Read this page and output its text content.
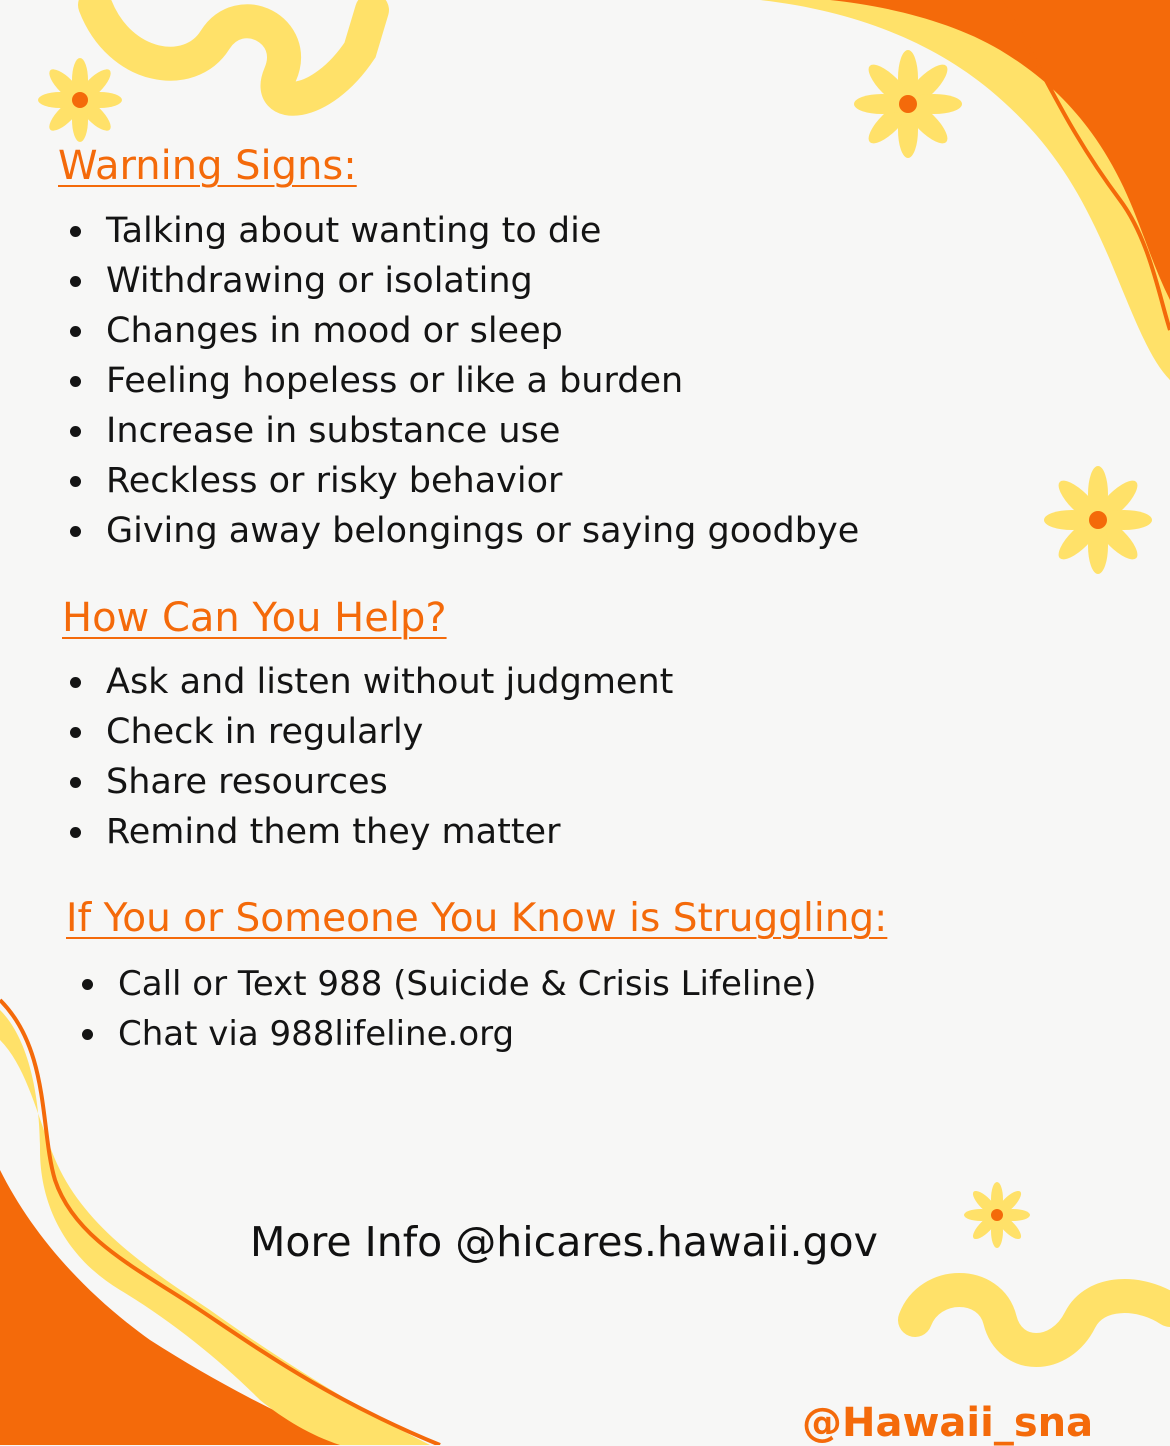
Warning Signs:
Talking about wanting to die
Withdrawing or isolating
Changes in mood or sleep
Feeling hopeless or like a burden
Increase in substance use
Reckless or risky behavior
Giving away belongings or saying goodbye
How Can You Help?
Ask and listen without judgment
Check in regularly
Share resources
Remind them they matter
If You or Someone You Know is Struggling:
Call or Text 988 (Suicide & Crisis Lifeline)
Chat via 988lifeline.org

More Info @hicares.hawaii.gov

@Hawaii_sna
